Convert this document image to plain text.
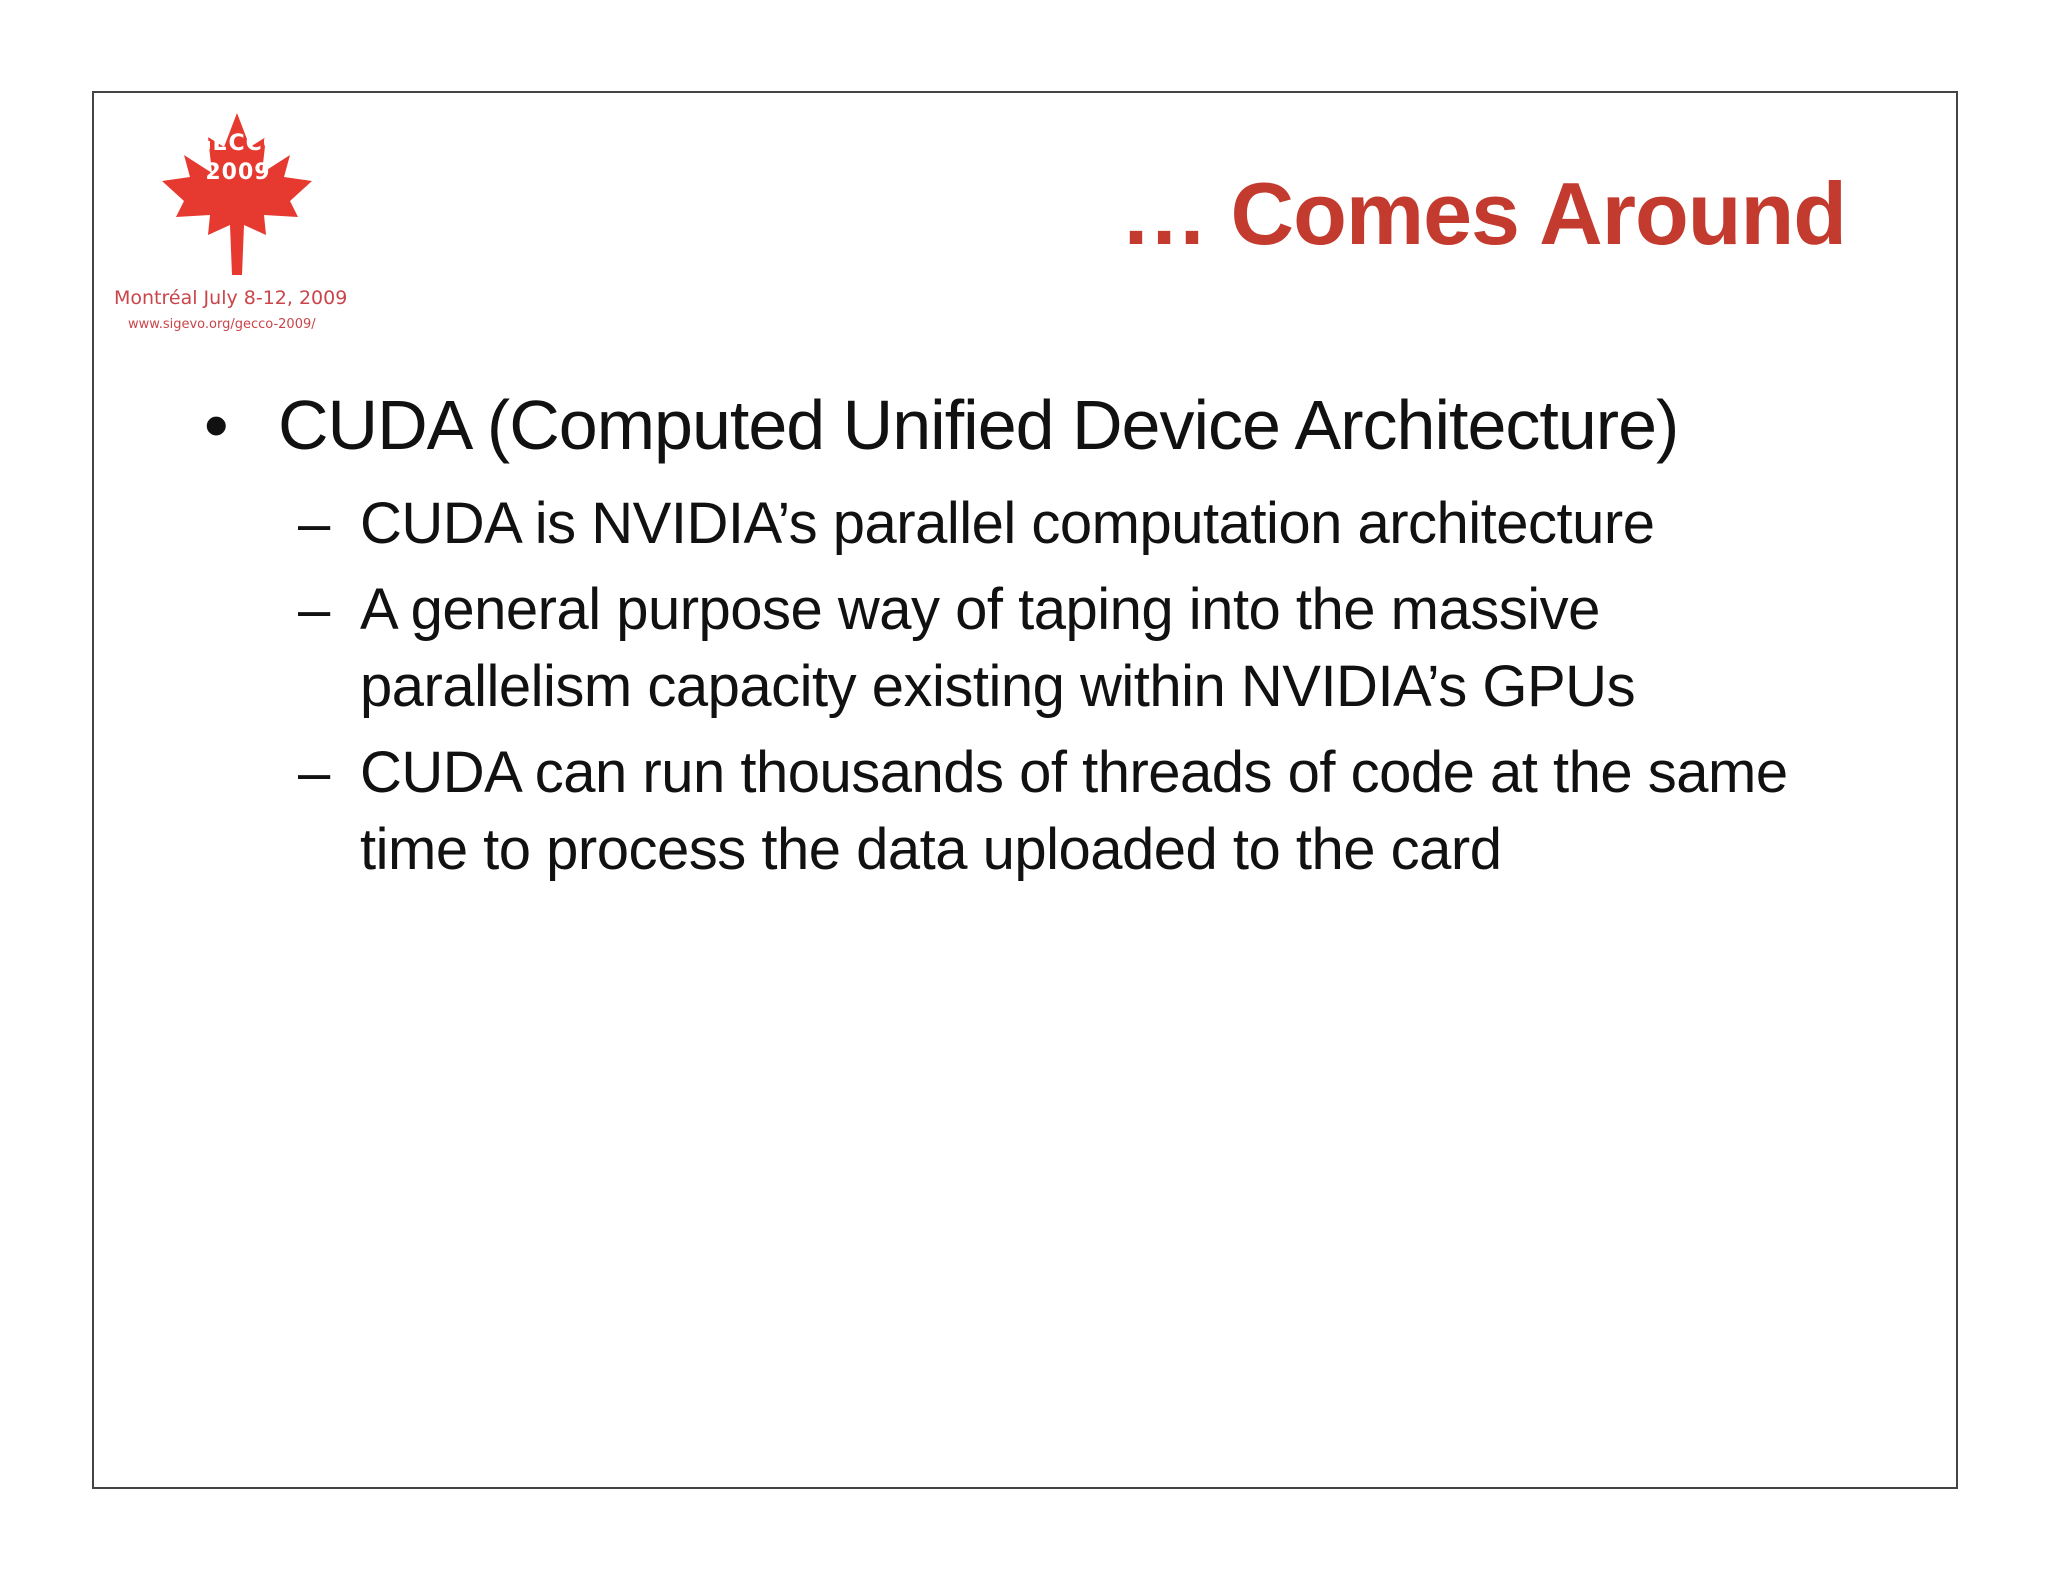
GECCO
2009
Montréal July 8-12, 2009
www.sigevo.org/gecco-2009/
… Comes Around
• CUDA (Computed Unified Device Architecture)
– CUDA is NVIDIA’s parallel computation architecture
– A general purpose way of taping into the massive parallelism capacity existing within NVIDIA’s GPUs
– CUDA can run thousands of threads of code at the same time to process the data uploaded to the card
